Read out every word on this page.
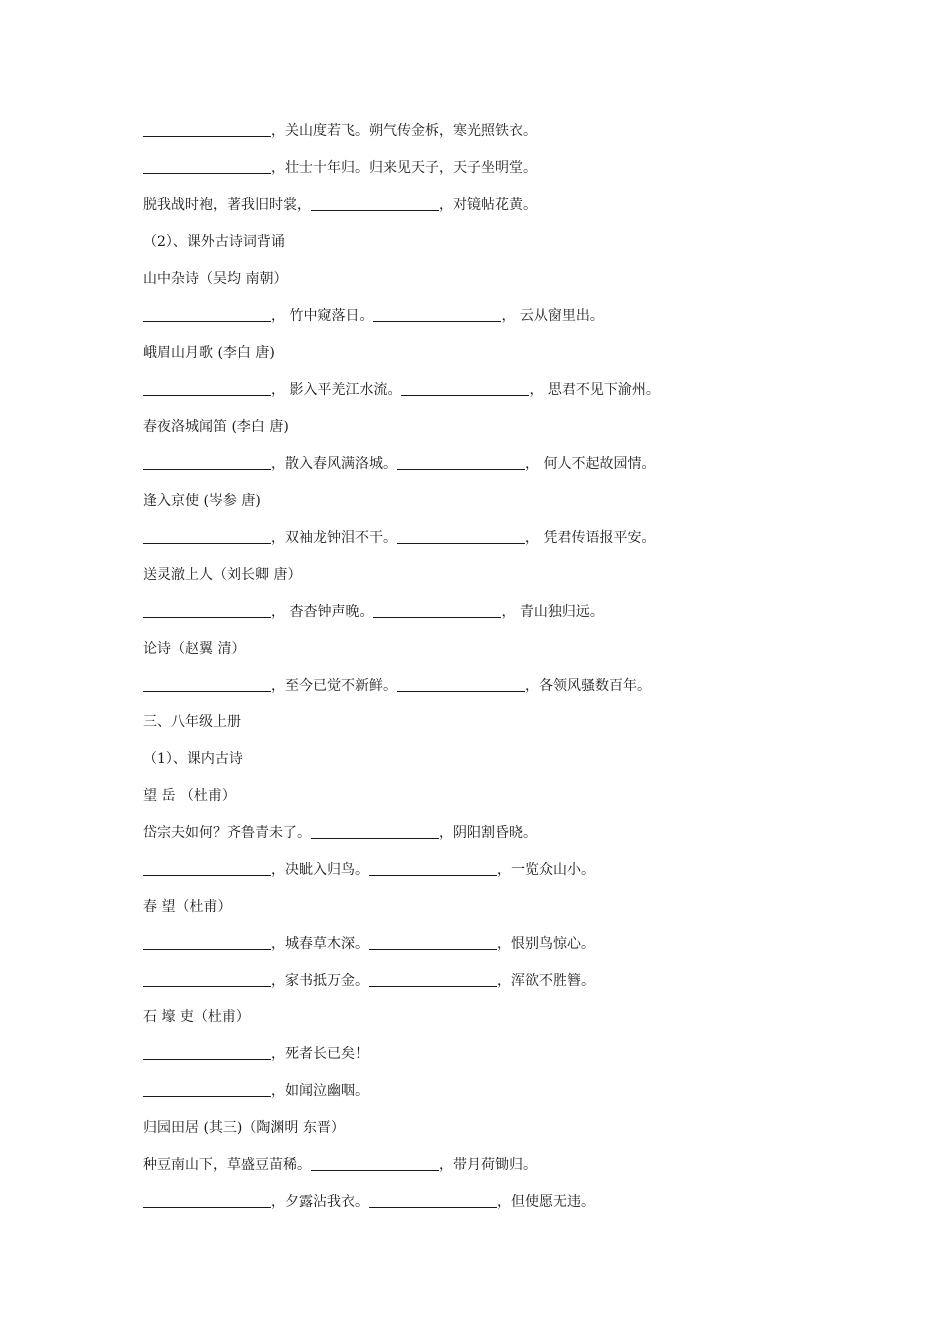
，关山度若飞。朔气传金柝，寒光照铁衣。
，壮士十年归。归来见天子，天子坐明堂。
脱我战时袍，著我旧时裳，	，对镜帖花黄。
（2）、课外古诗词背诵
山中杂诗（吴均 南朝）
， 竹中窥落日。	， 云从窗里出。
峨眉山月歌 (李白 唐)
， 影入平羌江水流。	， 思君不见下渝州。
春夜洛城闻笛 (李白 唐)
，散入春风满洛城。	， 何人不起故园情。
逢入京使 (岑参 唐)
，双袖龙钟泪不干。	， 凭君传语报平安。
送灵澈上人（刘长卿 唐）
， 杳杳钟声晚。	， 青山独归远。
论诗（赵翼 清）
，至今已觉不新鲜。	，各领风骚数百年。
三、八年级上册
（1）、课内古诗
望 岳 （杜甫）
岱宗夫如何？齐鲁青未了。	，阴阳割昏晓。
，决眦入归鸟。	，一览众山小。
春 望（杜甫）
，城春草木深。	，恨别鸟惊心。
，家书抵万金。	，浑欲不胜簪。
石 壕 吏（杜甫）
，死者长已矣！
，如闻泣幽咽。
归园田居 (其三)（陶渊明 东晋）
种豆南山下，草盛豆苗稀。	，带月荷锄归。
，夕露沾我衣。	，但使愿无违。
